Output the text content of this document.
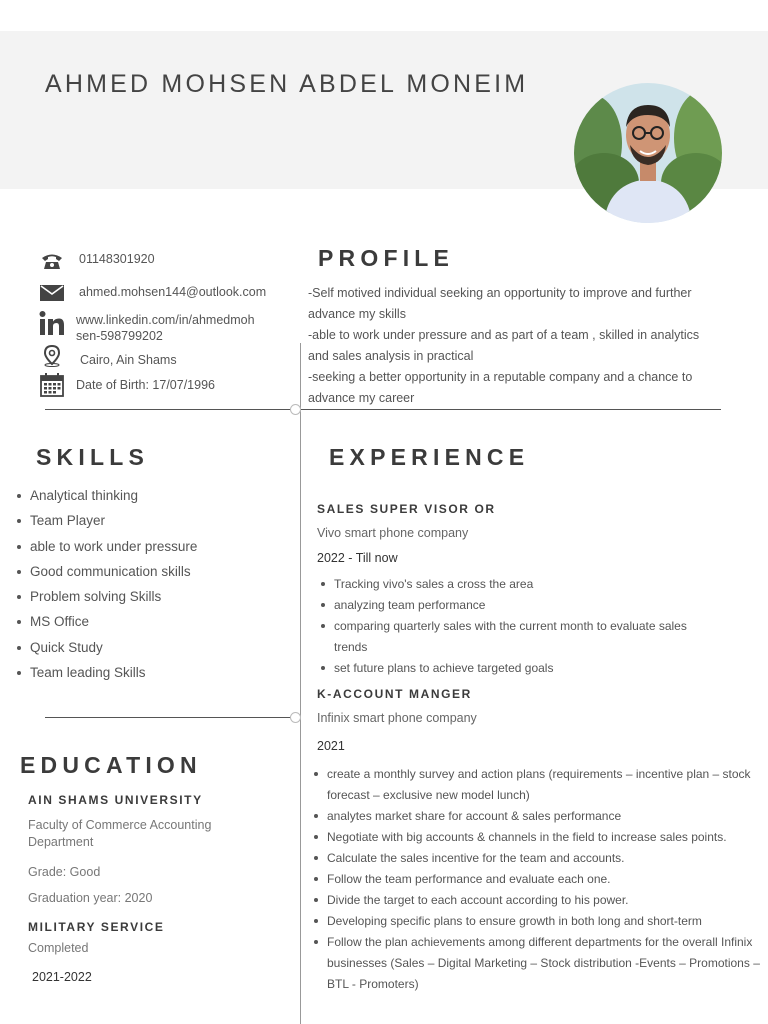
AHMED MOHSEN ABDEL MONEIM
01148301920
ahmed.mohsen144@outlook.com
www.linkedin.com/in/ahmedmoh
sen-598799202
Cairo, Ain Shams
Date of Birth: 17/07/1996
PROFILE
-Self motived individual seeking an opportunity to improve and further
advance my skills
-able to work under pressure and as part of a team , skilled in analytics
and sales analysis in practical
-seeking a better opportunity in a reputable company and a chance to
advance my career
SKILLS
Analytical thinking
Team Player
able to work under pressure
Good communication skills
Problem solving Skills
MS Office
Quick Study
Team leading Skills
EXPERIENCE
SALES SUPER VISOR OR
Vivo smart phone company
2022 - Till now
Tracking vivo's sales a cross the area
analyzing team performance
comparing quarterly sales with the current month to evaluate sales trends
set future plans to achieve targeted goals
K-ACCOUNT MANGER
Infinix smart phone company
2021
create a monthly survey and action plans (requirements – incentive plan – stock forecast – exclusive new model lunch)
analytes market share for account & sales performance
Negotiate with big accounts & channels in the field to increase sales points.
Calculate the sales incentive for the team and accounts.
Follow the team performance and evaluate each one.
Divide the target to each account according to his power.
Developing specific plans to ensure growth in both long and short-term
Follow the plan achievements among different departments for the overall Infinix businesses (Sales – Digital Marketing – Stock distribution -Events – Promotions – BTL - Promoters)
EDUCATION
AIN SHAMS UNIVERSITY
Faculty of Commerce Accounting Department
Grade: Good
Graduation year: 2020
MILITARY SERVICE
Completed
2021-2022
